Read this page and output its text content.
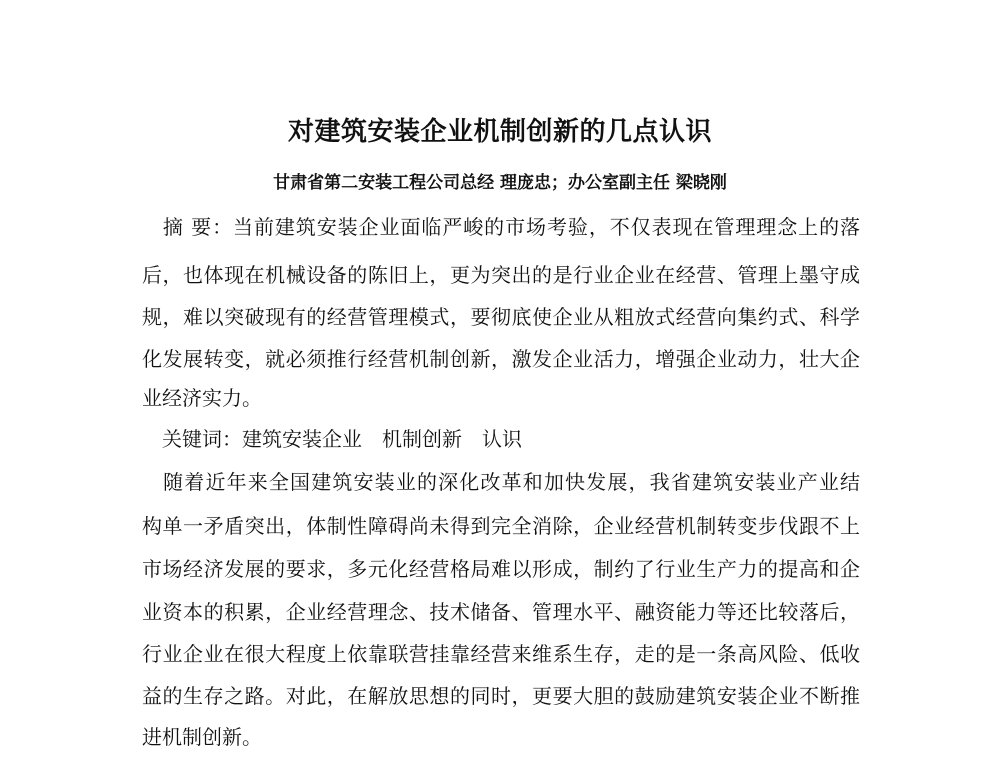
对建筑安装企业机制创新的几点认识
甘肃省第二安装工程公司总经 理庞忠；办公室副主任 梁晓刚
　摘 要：当前建筑安装企业面临严峻的市场考验，不仅表现在管理理念上的落
后，也体现在机械设备的陈旧上，更为突出的是行业企业在经营、管理上墨守成
规，难以突破现有的经营管理模式，要彻底使企业从粗放式经营向集约式、科学
化发展转变，就必须推行经营机制创新，激发企业活力，增强企业动力，壮大企
业经济实力。
　关键词：建筑安装企业　机制创新　认识
　随着近年来全国建筑安装业的深化改革和加快发展，我省建筑安装业产业结
构单一矛盾突出，体制性障碍尚未得到完全消除，企业经营机制转变步伐跟不上
市场经济发展的要求，多元化经营格局难以形成，制约了行业生产力的提高和企
业资本的积累，企业经营理念、技术储备、管理水平、融资能力等还比较落后，
行业企业在很大程度上依靠联营挂靠经营来维系生存，走的是一条高风险、低收
益的生存之路。对此，在解放思想的同时，更要大胆的鼓励建筑安装企业不断推
进机制创新。
